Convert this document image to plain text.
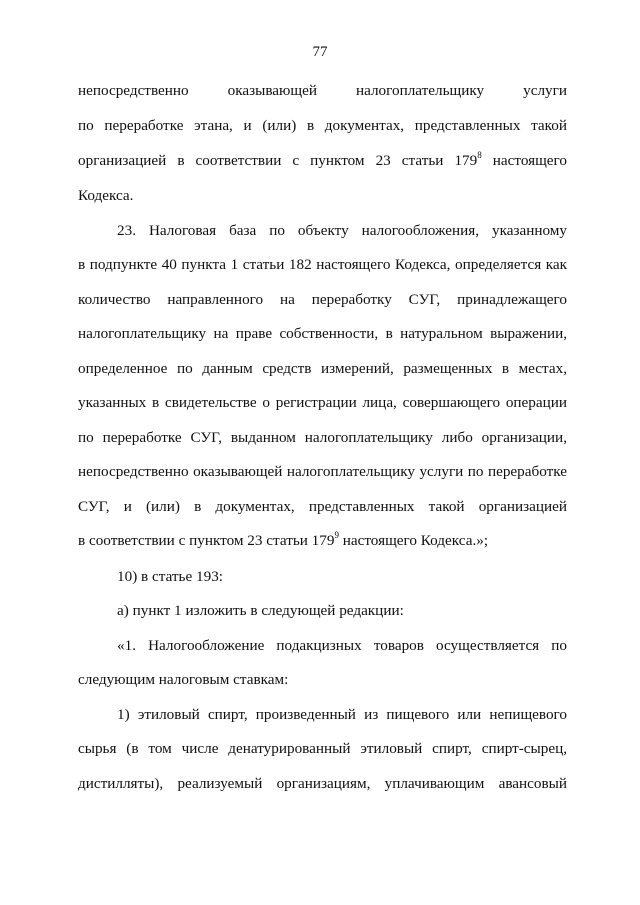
77
непосредственно оказывающей налогоплательщику услуги
по переработке этана, и (или) в документах, представленных такой
организацией в соответствии с пунктом 23 статьи $179^8$ настоящего
Кодекса.
23. Налоговая база по объекту налогообложения, указанному
в подпункте 40 пункта 1 статьи 182 настоящего Кодекса, определяется как
количество направленного на переработку СУГ, принадлежащего
налогоплательщику на праве собственности, в натуральном выражении,
определенное по данным средств измерений, размещенных в местах,
указанных в свидетельстве о регистрации лица, совершающего операции
по переработке СУГ, выданном налогоплательщику либо организации,
непосредственно оказывающей налогоплательщику услуги по переработке
СУГ, и (или) в документах, представленных такой организацией
в соответствии с пунктом 23 статьи $179^9$ настоящего Кодекса.»;
10) в статье 193:
а) пункт 1 изложить в следующей редакции:
«1. Налогообложение подакцизных товаров осуществляется по
следующим налоговым ставкам:
1) этиловый спирт, произведенный из пищевого или непищевого
сырья (в том числе денатурированный этиловый спирт, спирт-сырец,
дистилляты), реализуемый организациям, уплачивающим авансовый
